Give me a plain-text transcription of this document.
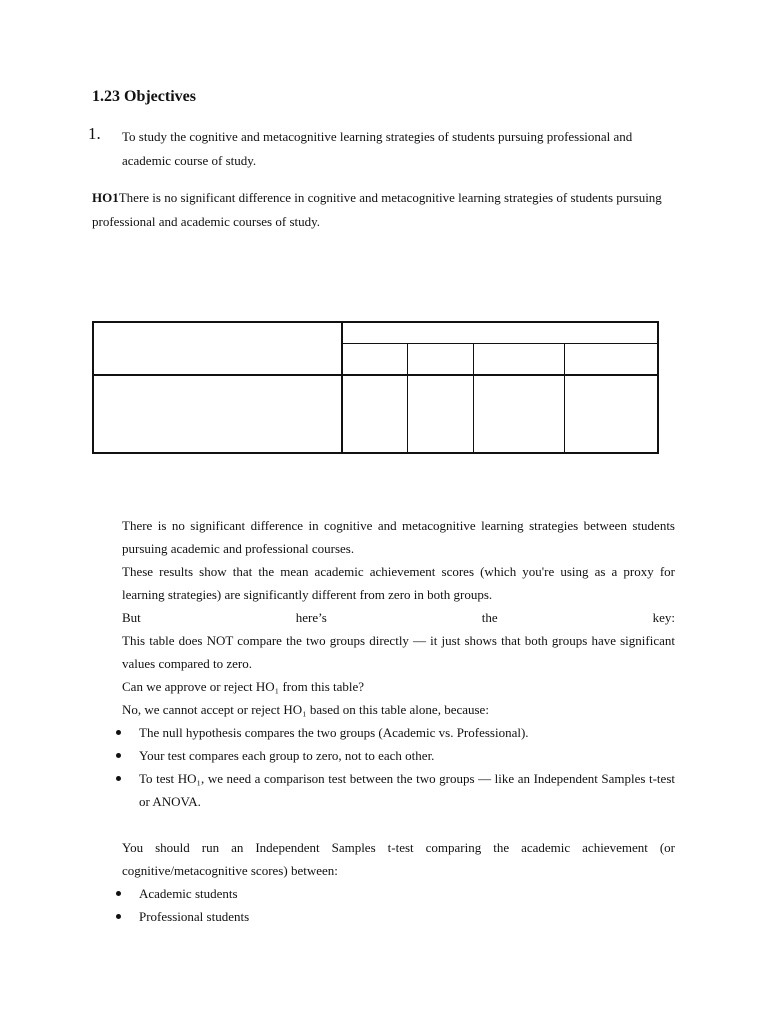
1.23 Objectives
1. To study the cognitive and metacognitive learning strategies of students pursuing professional and academic course of study.
HO1There is no significant difference in cognitive and metacognitive learning strategies of students pursuing professional and academic courses of study.

There is no significant difference in cognitive and metacognitive learning strategies between students pursuing academic and professional courses.

These results show that the mean academic achievement scores (which you're using as a proxy for learning strategies) are significantly different from zero in both groups.

But	here’s	the	key:

This table does NOT compare the two groups directly — it just shows that both groups have significant values compared to zero.

Can we approve or reject HO₁ from this table?

No, we cannot accept or reject HO₁ based on this table alone, because:

The null hypothesis compares the two groups (Academic vs. Professional).
Your test compares each group to zero, not to each other.
To test HO₁, we need a comparison test between the two groups — like an Independent Samples t-test or ANOVA.

You should run an Independent Samples t-test comparing the academic achievement (or cognitive/metacognitive scores) between:

Academic students
Professional students
